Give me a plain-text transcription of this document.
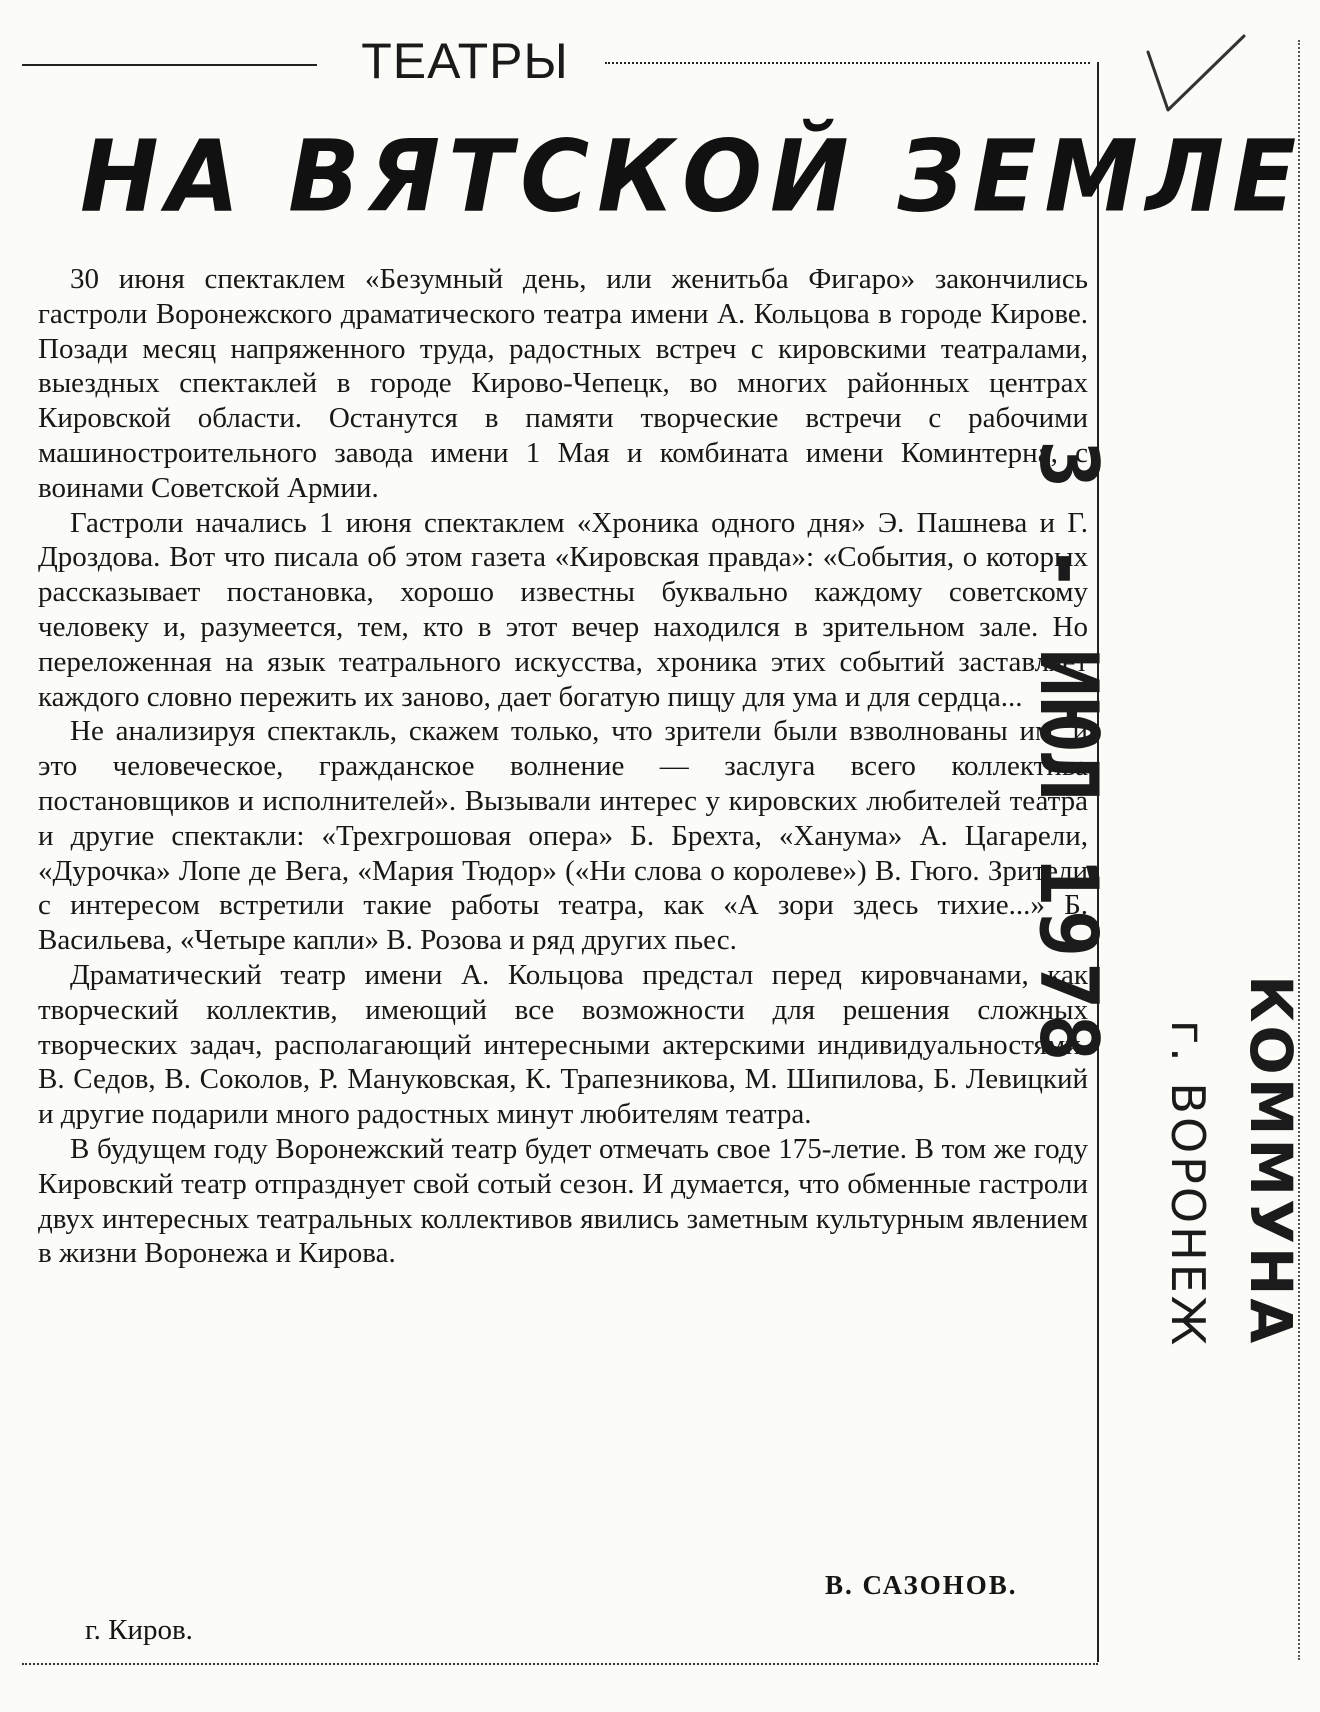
ТЕАТРЫ
НА ВЯТСКОЙ ЗЕМЛЕ

30 июня спектаклем «Безумный день, или женитьба Фигаро» закончились гастроли Воронежского драматического театра имени А. Кольцова в городе Кирове. Позади месяц напряженного труда, радостных встреч с кировскими театралами, выездных спектаклей в городе Кирово-Чепецк, во многих районных центрах Кировской области. Останутся в памяти творческие встречи с рабочими машиностроительного завода имени 1 Мая и комбината имени Коминтерна, с воинами Советской Армии.

Гастроли начались 1 июня спектаклем «Хроника одного дня» Э. Пашнева и Г. Дроздова. Вот что писала об этом газета «Кировская правда»: «События, о которых рассказывает постановка, хорошо известны буквально каждому советскому человеку и, разумеется, тем, кто в этот вечер находился в зрительном зале. Но переложенная на язык театрального искусства, хроника этих событий заставляет каждого словно пережить их заново, дает богатую пищу для ума и для сердца...

Не анализируя спектакль, скажем только, что зрители были взволнованы им, и это человеческое, гражданское волнение — заслуга всего коллектива постановщиков и исполнителей». Вызывали интерес у кировских любителей театра и другие спектакли: «Трехгрошовая опера» Б. Брехта, «Ханума» А. Цагарели, «Дурочка» Лопе де Вега, «Мария Тюдор» («Ни слова о королеве») В. Гюго. Зрители с интересом встретили такие работы театра, как «А зори здесь тихие...» Б. Васильева, «Четыре капли» В. Розова и ряд других пьес.

Драматический театр имени А. Кольцова предстал перед кировчанами, как творческий коллектив, имеющий все возможности для решения сложных творческих задач, располагающий интересными актерскими индивидуальностями. В. Седов, В. Соколов, Р. Мануковская, К. Трапезникова, М. Шипилова, Б. Левицкий и другие подарили много радостных минут любителям театра.

В будущем году Воронежский театр будет отмечать свое 175-летие. В том же году Кировский театр отпразднует свой сотый сезон. И думается, что обменные гастроли двух интересных театральных коллективов явились заметным культурным явлением в жизни Воронежа и Кирова.

В. САЗОНОВ.
г. Киров.
3 - ИЮЛ 1978
КОММУНА
г. ВОРОНЕЖ
